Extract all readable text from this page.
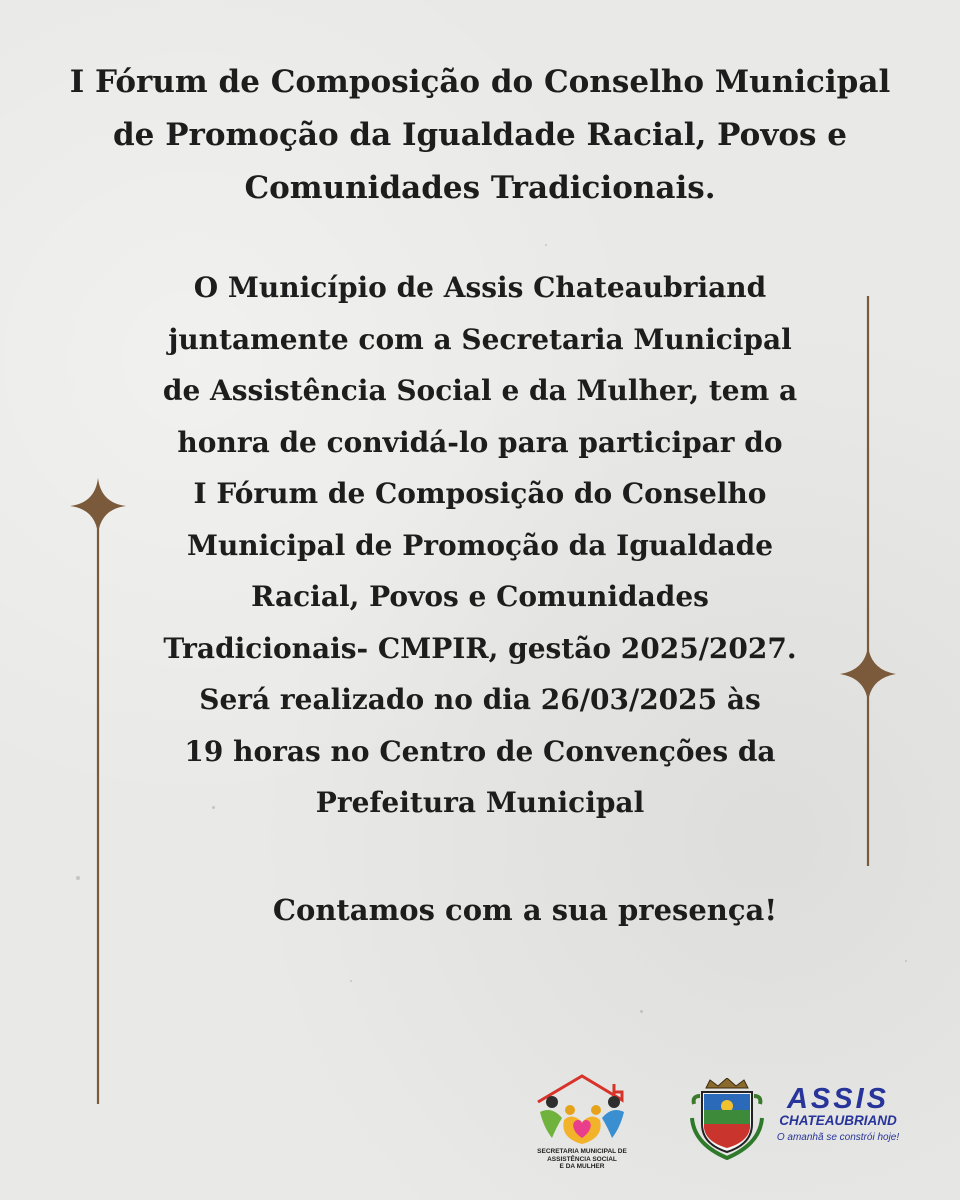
I Fórum de Composição do Conselho Municipal
de Promoção da Igualdade Racial, Povos e
Comunidades Tradicionais.

O Município de Assis Chateaubriand
juntamente com a Secretaria Municipal
de Assistência Social e da Mulher, tem a
honra de convidá-lo para participar do
I Fórum de Composição do Conselho
Municipal de Promoção da Igualdade
Racial, Povos e Comunidades
Tradicionais- CMPIR, gestão 2025/2027.
Será realizado no dia 26/03/2025 às
19 horas no Centro de Convenções da
Prefeitura Municipal

Contamos com a sua presença!

SECRETARIA MUNICIPAL DE
ASSISTÊNCIA SOCIAL
E DA MULHER
ASSIS
CHATEAUBRIAND
O amanhã se constrói hoje!
